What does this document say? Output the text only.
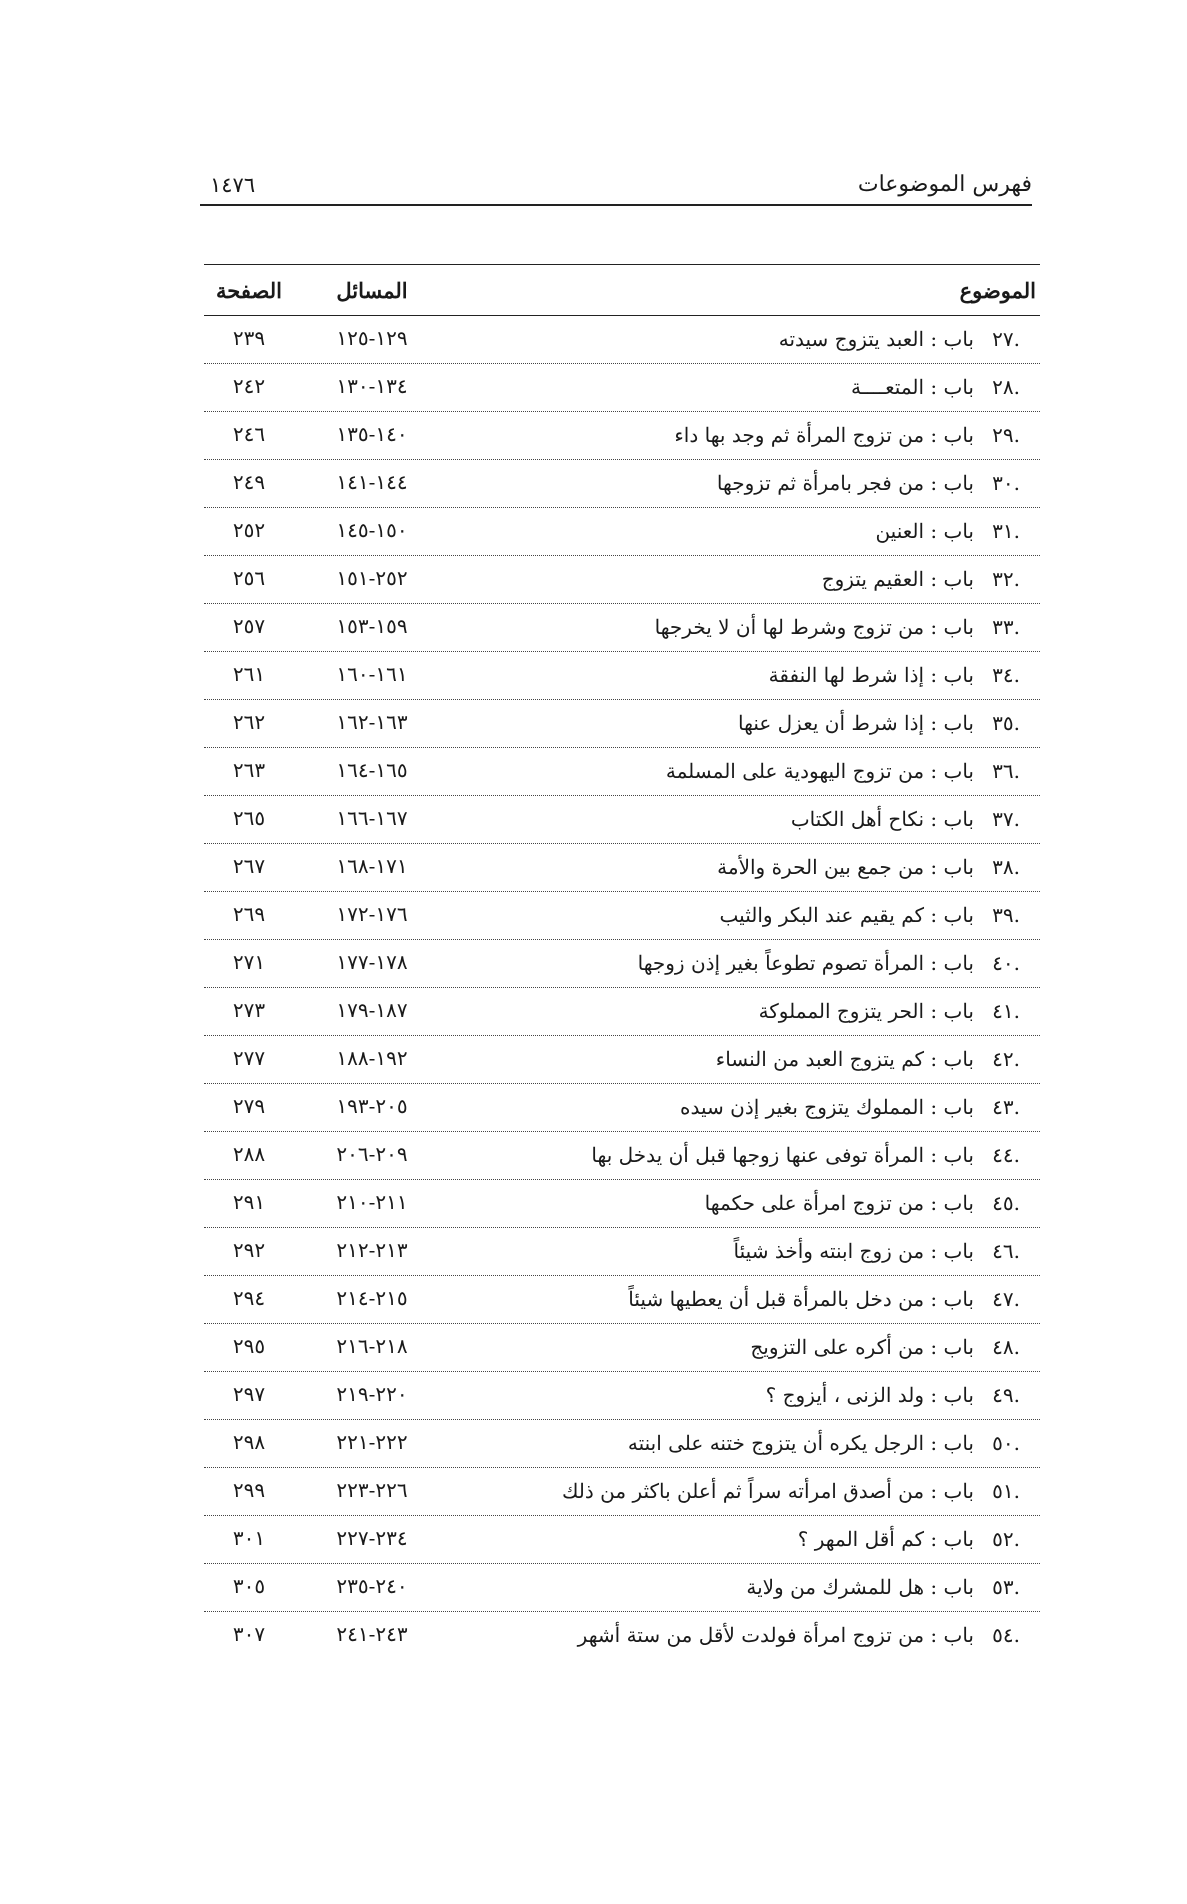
فهرس الموضوعات
١٤٧٦
الموضوع
المسائل
الصفحة
.٢٧باب : العبد يتزوج سيدته
١٢٩-١٢٥
٢٣٩
.٢٨باب : المتعــــة
١٣٤-١٣٠
٢٤٢
.٢٩باب : من تزوج المرأة ثم وجد بها داء
١٤٠-١٣٥
٢٤٦
.٣٠باب : من فجر بامرأة ثم تزوجها
١٤٤-١٤١
٢٤٩
.٣١باب : العنين
١٥٠-١٤٥
٢٥٢
.٣٢باب : العقيم يتزوج
٢٥٢-١٥١
٢٥٦
.٣٣باب : من تزوج وشرط لها أن لا يخرجها
١٥٩-١٥٣
٢٥٧
.٣٤باب : إذا شرط لها النفقة
١٦١-١٦٠
٢٦١
.٣٥باب : إذا شرط أن يعزل عنها
١٦٣-١٦٢
٢٦٢
.٣٦باب : من تزوج اليهودية على المسلمة
١٦٥-١٦٤
٢٦٣
.٣٧باب : نكاح أهل الكتاب
١٦٧-١٦٦
٢٦٥
.٣٨باب : من جمع بين الحرة والأمة
١٧١-١٦٨
٢٦٧
.٣٩باب : كم يقيم عند البكر والثيب
١٧٦-١٧٢
٢٦٩
.٤٠باب : المرأة تصوم تطوعاً بغير إذن زوجها
١٧٨-١٧٧
٢٧١
.٤١باب : الحر يتزوج المملوكة
١٨٧-١٧٩
٢٧٣
.٤٢باب : كم يتزوج العبد من النساء
١٩٢-١٨٨
٢٧٧
.٤٣باب : المملوك يتزوج بغير إذن سيده
٢٠٥-١٩٣
٢٧٩
.٤٤باب : المرأة توفى عنها زوجها قبل أن يدخل بها
٢٠٩-٢٠٦
٢٨٨
.٤٥باب : من تزوج امرأة على حكمها
٢١١-٢١٠
٢٩١
.٤٦باب : من زوج ابنته وأخذ شيئاً
٢١٣-٢١٢
٢٩٢
.٤٧باب : من دخل بالمرأة قبل أن يعطيها شيئاً
٢١٥-٢١٤
٢٩٤
.٤٨باب : من أكره على التزويج
٢١٨-٢١٦
٢٩٥
.٤٩باب : ولد الزنى ، أيزوج ؟
٢٢٠-٢١٩
٢٩٧
.٥٠باب : الرجل يكره أن يتزوج ختنه على ابنته
٢٢٢-٢٢١
٢٩٨
.٥١باب : من أصدق امرأته سراً ثم أعلن باكثر من ذلك
٢٢٦-٢٢٣
٢٩٩
.٥٢باب : كم أقل المهر ؟
٢٣٤-٢٢٧
٣٠١
.٥٣باب : هل للمشرك من ولاية
٢٤٠-٢٣٥
٣٠٥
.٥٤باب : من تزوج امرأة فولدت لأقل من ستة أشهر
٢٤٣-٢٤١
٣٠٧
